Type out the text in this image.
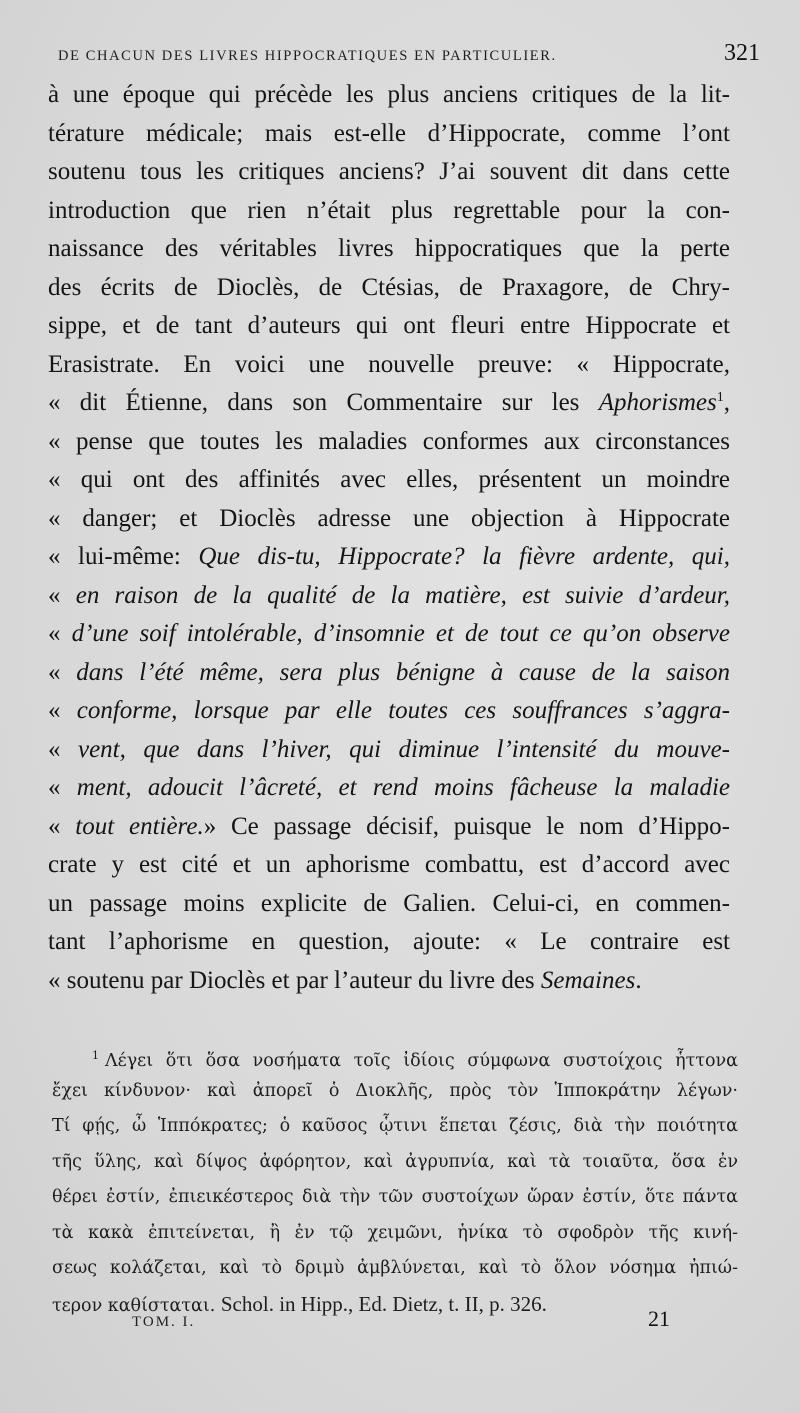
DE CHACUN DES LIVRES HIPPOCRATIQUES EN PARTICULIER.	321
à une époque qui précède les plus anciens critiques de la lit-
térature médicale; mais est-elle d’Hippocrate, comme l’ont
soutenu tous les critiques anciens? J’ai souvent dit dans cette
introduction que rien n’était plus regrettable pour la con-
naissance des véritables livres hippocratiques que la perte
des écrits de Dioclès, de Ctésias, de Praxagore, de Chry-
sippe, et de tant d’auteurs qui ont fleuri entre Hippocrate et
Erasistrate. En voici une nouvelle preuve: « Hippocrate,
« dit Étienne, dans son Commentaire sur les Aphorismes$^1$,
« pense que toutes les maladies conformes aux circonstances
« qui ont des affinités avec elles, présentent un moindre
« danger; et Dioclès adresse une objection à Hippocrate
« lui-même: Que dis-tu, Hippocrate? la fièvre ardente, qui,
« en raison de la qualité de la matière, est suivie d’ardeur,
« d’une soif intolérable, d’insomnie et de tout ce qu’on observe
« dans l’été même, sera plus bénigne à cause de la saison
« conforme, lorsque par elle toutes ces souffrances s’aggra-
« vent, que dans l’hiver, qui diminue l’intensité du mouve-
« ment, adoucit l’âcreté, et rend moins fâcheuse la maladie
« tout entière.» Ce passage décisif, puisque le nom d’Hippo-
crate y est cité et un aphorisme combattu, est d’accord avec
un passage moins explicite de Galien. Celui-ci, en commen-
tant l’aphorisme en question, ajoute: « Le contraire est
« soutenu par Dioclès et par l’auteur du livre des Semaines.
$^1$ Λέγει ὅτι ὅσα νοσήματα τοῖς ἰδίοις σύμφωνα συστοίχοις ἧττονα
ἔχει κίνδυνον· καὶ ἀπορεῖ ὁ Διοκλῆς, πρὸς τὸν Ἱπποκράτην λέγων·
Τί φῄς, ὦ Ἱππόκρατες; ὁ καῦσος ᾧτινι ἕπεται ζέσις, διὰ τὴν ποιότητα
τῆς ὕλης, καὶ δίψος ἀφόρητον, καὶ ἀγρυπνία, καὶ τὰ τοιαῦτα, ὅσα ἐν
θέρει ἐστίν, ἐπιεικέστερος διὰ τὴν τῶν συστοίχων ὥραν ἐστίν, ὅτε πάντα
τὰ κακὰ ἐπιτείνεται, ἢ ἐν τῷ χειμῶνι, ἡνίκα τὸ σφοδρὸν τῆς κινή-
σεως κολάζεται, καὶ τὸ δριμὺ ἀμβλύνεται, καὶ τὸ ὅλον νόσημα ἠπιώ-
τερον καθίσταται. Schol. in Hipp., Ed. Dietz, t. II, p. 326.
TOM. I.	21
